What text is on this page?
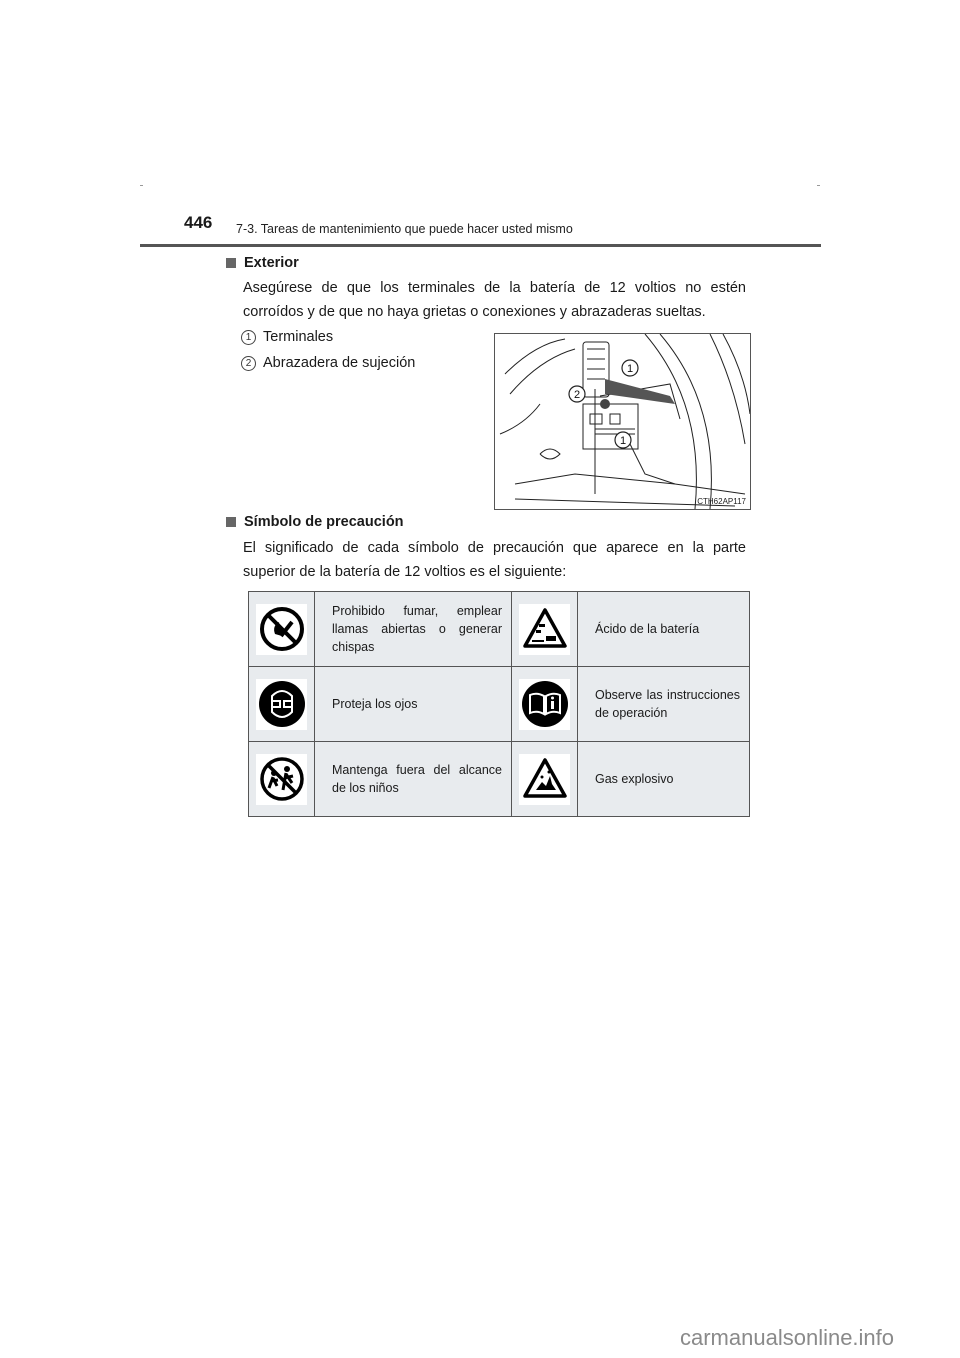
446 7-3. Tareas de mantenimiento que puede hacer usted mismo
Exterior
Asegúrese de que los terminales de la batería de 12 voltios no estén corroídos y de que no haya grietas o conexiones y abrazaderas sueltas.
1 Terminales
2 Abrazadera de sujeción	1
2
1
CTH62AP117
Símbolo de precaución
El significado de cada símbolo de precaución que aparece en la parte superior de la batería de 12 voltios es el siguiente:
	Prohibido fumar, emplear llamas abiertas o generar chispas		Ácido de la batería

	Proteja los ojos		Observe las instrucciones de operación

	Mantenga fuera del alcance de los niños		Gas explosivo
carmanualsonline.info
